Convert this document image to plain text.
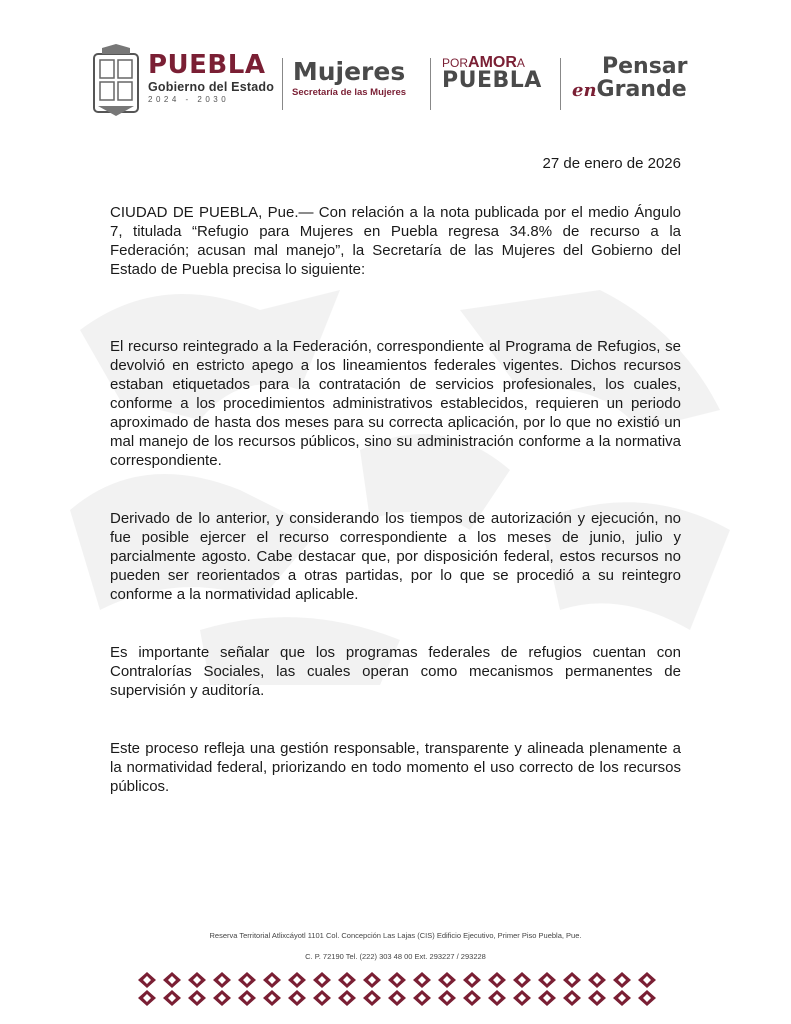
PUEBLA
Gobierno del Estado
2024 - 2030
Mujeres
Secretaría de las Mujeres
PORAMORA
PUEBLA
Pensar
enGrande
27 de enero de 2026

CIUDAD DE PUEBLA, Pue.— Con relación a la nota publicada por el medio Ángulo 7, titulada “Refugio para Mujeres en Puebla regresa 34.8% de recurso a la Federación; acusan mal manejo”, la Secretaría de las Mujeres del Gobierno del Estado de Puebla precisa lo siguiente:

El recurso reintegrado a la Federación, correspondiente al Programa de Refugios, se devolvió en estricto apego a los lineamientos federales vigentes. Dichos recursos estaban etiquetados para la contratación de servicios profesionales, los cuales, conforme a los procedimientos administrativos establecidos, requieren un periodo aproximado de hasta dos meses para su correcta aplicación, por lo que no existió un mal manejo de los recursos públicos, sino su administración conforme a la normativa correspondiente.

Derivado de lo anterior, y considerando los tiempos de autorización y ejecución, no fue posible ejercer el recurso correspondiente a los meses de junio, julio y parcialmente agosto. Cabe destacar que, por disposición federal, estos recursos no pueden ser reorientados a otras partidas, por lo que se procedió a su reintegro conforme a la normatividad aplicable.

Es importante señalar que los programas federales de refugios cuentan con Contralorías Sociales, las cuales operan como mecanismos permanentes de supervisión y auditoría.

Este proceso refleja una gestión responsable, transparente y alineada plenamente a la normatividad federal, priorizando en todo momento el uso correcto de los recursos públicos.

Reserva Territorial Atlixcáyotl 1101 Col. Concepción Las Lajas (CIS) Edificio Ejecutivo, Primer Piso Puebla, Pue.
C. P. 72190 Tel. (222) 303 48 00 Ext. 293227 / 293228
